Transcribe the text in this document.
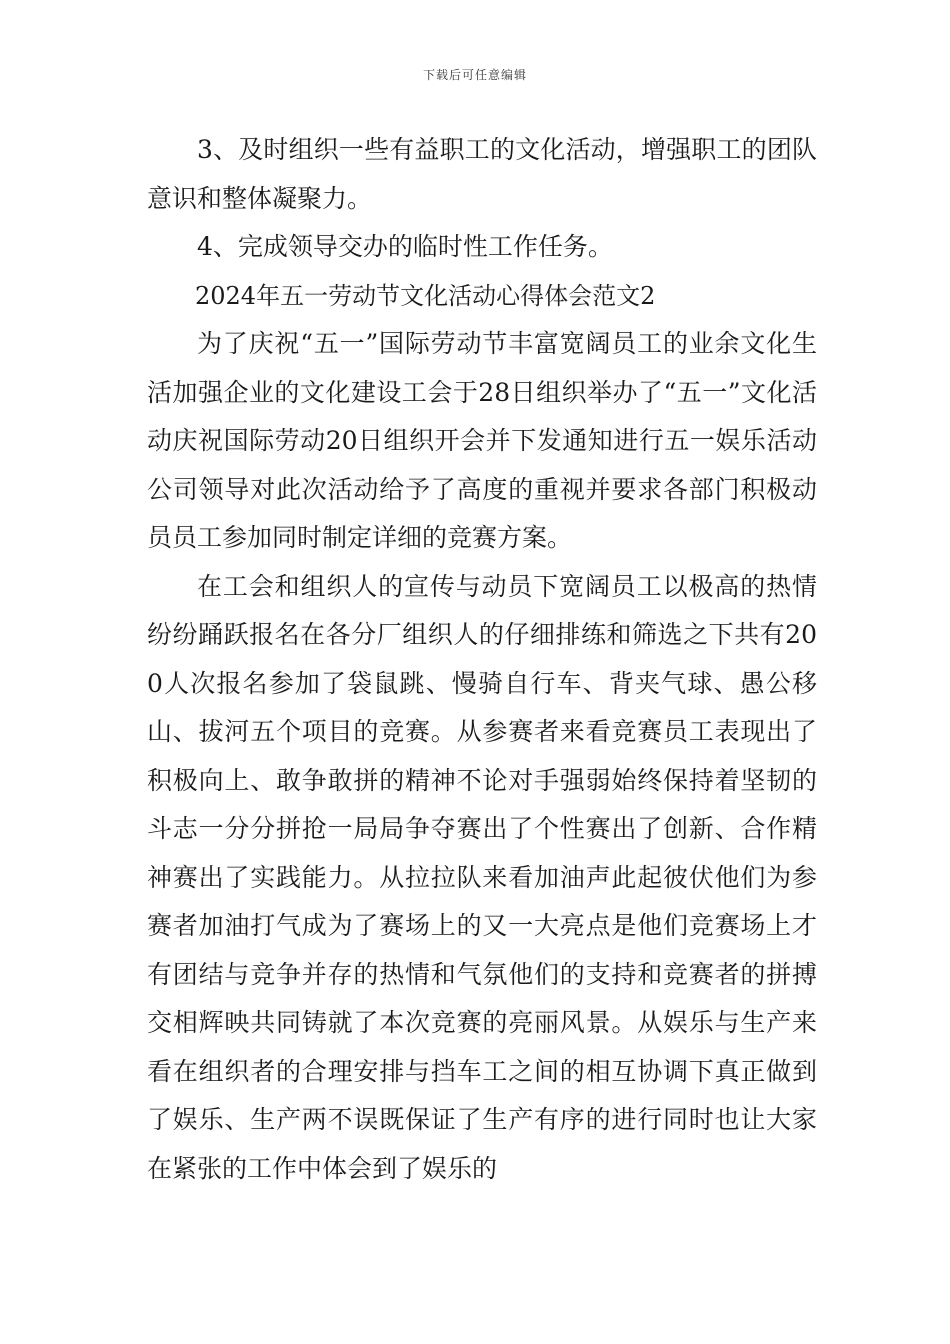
下载后可任意编辑

3、及时组织一些有益职工的文化活动，增强职工的团队意识和整体凝聚力。

4、完成领导交办的临时性工作任务。

2024年五一劳动节文化活动心得体会范文2

为了庆祝“五一”国际劳动节丰富宽阔员工的业余文化生活加强企业的文化建设工会于28日组织举办了“五一”文化活动庆祝国际劳动20日组织开会并下发通知进行五一娱乐活动公司领导对此次活动给予了高度的重视并要求各部门积极动员员工参加同时制定详细的竞赛方案。

在工会和组织人的宣传与动员下宽阔员工以极高的热情纷纷踊跃报名在各分厂组织人的仔细排练和筛选之下共有200人次报名参加了袋鼠跳、慢骑自行车、背夹气球、愚公移山、拔河五个项目的竞赛。从参赛者来看竞赛员工表现出了积极向上、敢争敢拼的精神不论对手强弱始终保持着坚韧的斗志一分分拼抢一局局争夺赛出了个性赛出了创新、合作精神赛出了实践能力。从拉拉队来看加油声此起彼伏他们为参赛者加油打气成为了赛场上的又一大亮点是他们竞赛场上才有团结与竞争并存的热情和气氛他们的支持和竞赛者的拼搏交相辉映共同铸就了本次竞赛的亮丽风景。从娱乐与生产来看在组织者的合理安排与挡车工之间的相互协调下真正做到了娱乐、生产两不误既保证了生产有序的进行同时也让大家在紧张的工作中体会到了娱乐的
